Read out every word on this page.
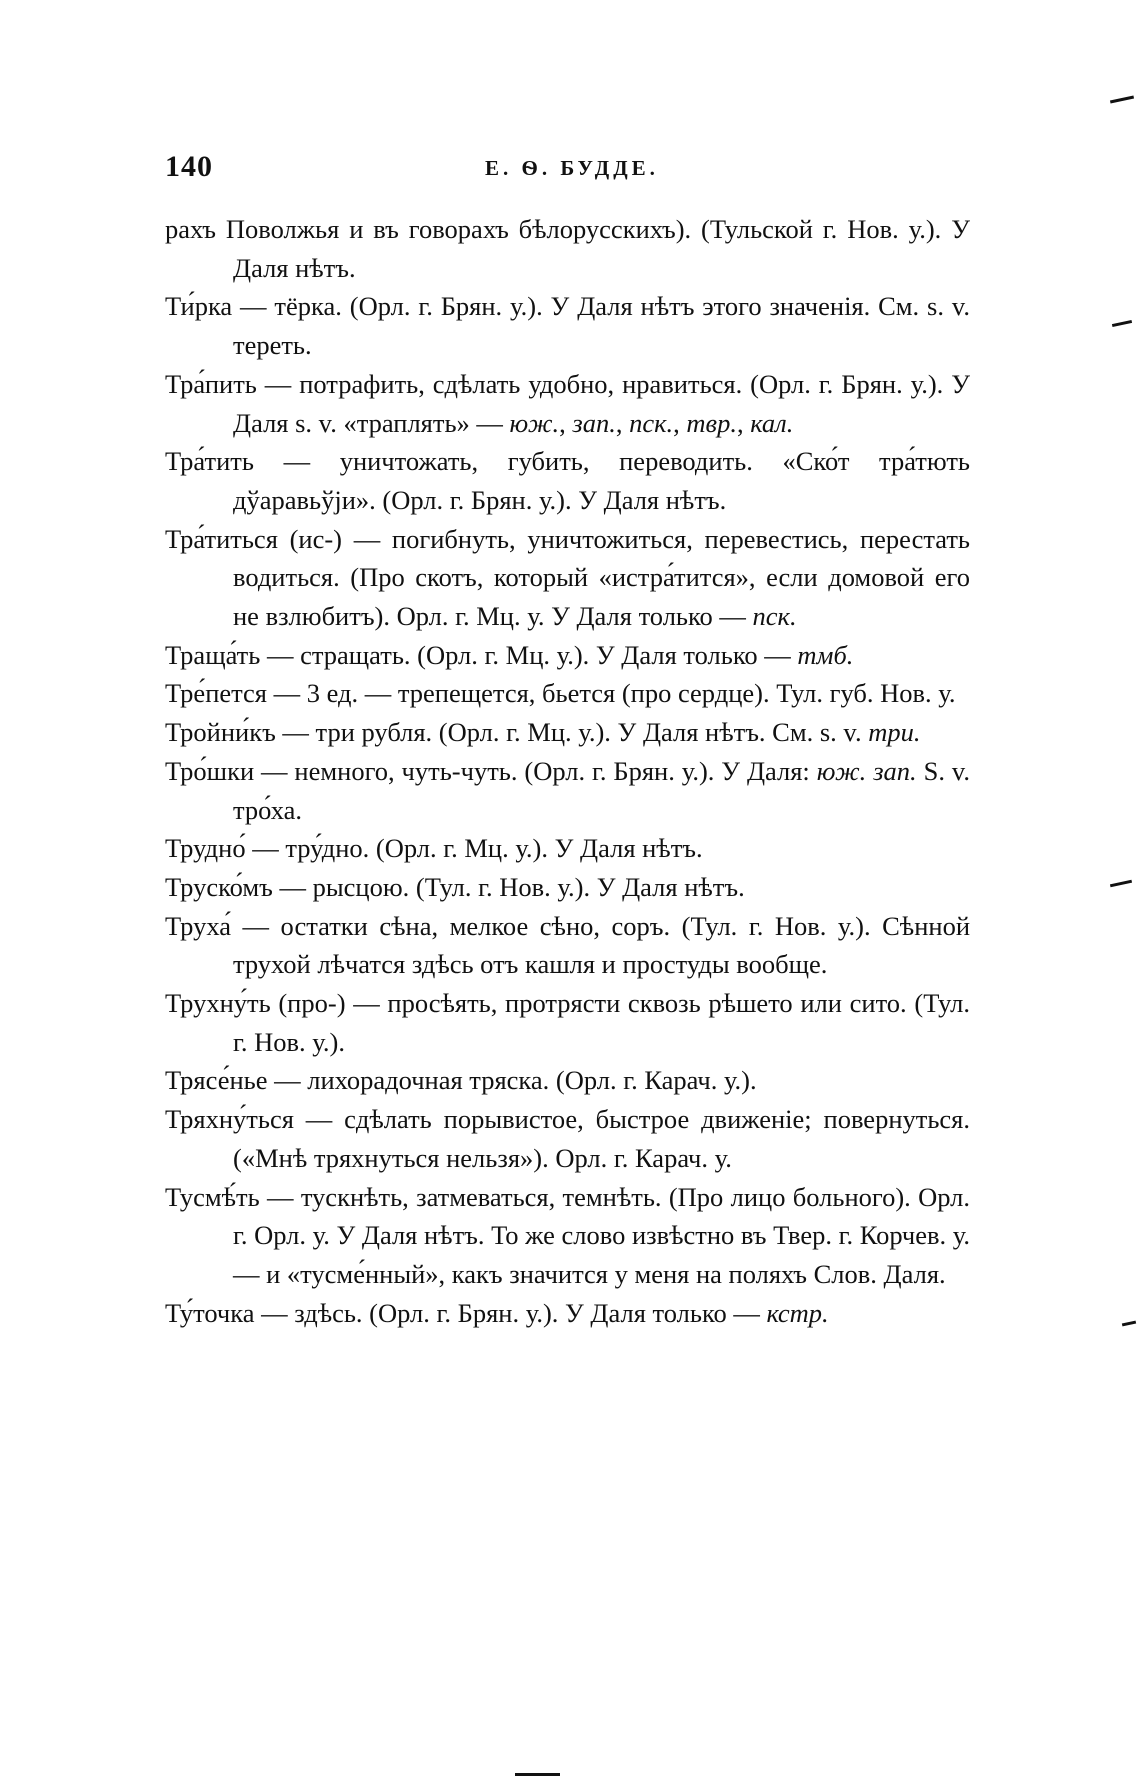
140	Е. Ѳ. БУДДЕ.

рахъ Поволжья и въ говорахъ бѣлорусскихъ). (Тульской г. Нов. у.). У Даля нѣтъ.

Ти́рка — тёрка. (Орл. г. Брян. у.). У Даля нѣтъ этого значенія. См. s. v. тереть.

Тра́пить — потрафить, сдѣлать удобно, нравиться. (Орл. г. Брян. у.). У Даля s. v. «траплять» — юж., зап., пск., твр., кал.

Тра́тить — уничтожать, губить, переводить. «Ско́т тра́тють дўаравьўји». (Орл. г. Брян. у.). У Даля нѣтъ.

Тра́титься (ис-) — погибнуть, уничтожиться, перевестись, перестать водиться. (Про скотъ, который «истра́тится», если домовой его не взлюбитъ). Орл. г. Мц. у. У Даля только — пск.

Траща́ть — стращать. (Орл. г. Мц. у.). У Даля только — тмб.

Тре́пется — 3 ед. — трепещется, бьется (про сердце). Тул. губ. Нов. у.

Тройни́къ — три рубля. (Орл. г. Мц. у.). У Даля нѣтъ. См. s. v. три.

Тро́шки — немного, чуть-чуть. (Орл. г. Брян. у.). У Даля: юж. зап. S. v. тро́ха.

Трудно́ — тру́дно. (Орл. г. Мц. у.). У Даля нѣтъ.

Труско́мъ — рысцою. (Тул. г. Нов. у.). У Даля нѣтъ.

Труха́ — остатки сѣна, мелкое сѣно, соръ. (Тул. г. Нов. у.). Сѣнной трухой лѣчатся здѣсь отъ кашля и простуды вообще.

Трухну́ть (про-) — просѣять, протрясти сквозь рѣшето или сито. (Тул. г. Нов. у.).

Трясе́нье — лихорадочная тряска. (Орл. г. Карач. у.).

Тряхну́ться — сдѣлать порывистое, быстрое движеніе; повернуться. («Мнѣ тряхнуться нельзя»). Орл. г. Карач. у.

Тусмѣ́ть — тускнѣть, затмеваться, темнѣть. (Про лицо больного). Орл. г. Орл. у. У Даля нѣтъ. То же слово извѣстно въ Твер. г. Корчев. у. — и «тусме́нный», какъ значится у меня на поляхъ Слов. Даля.

Ту́точка — здѣсь. (Орл. г. Брян. у.). У Даля только — кстр.
